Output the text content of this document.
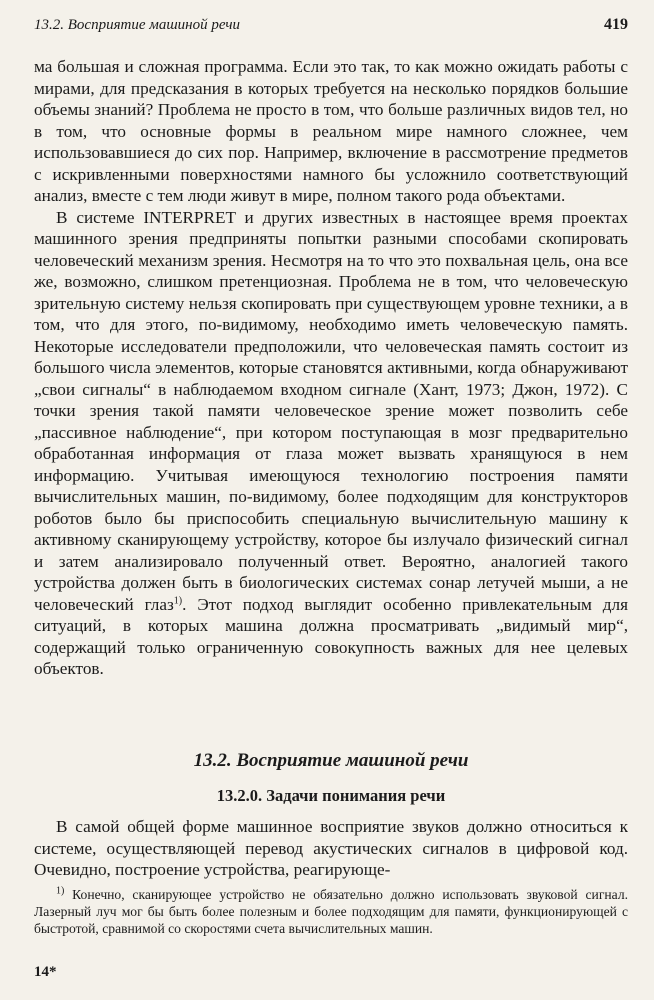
13.2. Восприятие машиной речи	419

ма большая и сложная программа. Если это так, то как можно ожидать работы с мирами, для предсказания в которых требуется на несколько порядков большие объемы знаний? Проблема не просто в том, что больше различных видов тел, но в том, что основные формы в реальном мире намного сложнее, чем использовавшиеся до сих пор. Например, включение в рассмотрение предметов с искривленными поверхностями намного бы усложнило соответствующий анализ, вместе с тем люди живут в мире, полном такого рода объектами.

В системе INTERPRET и других известных в настоящее время проектах машинного зрения предприняты попытки разными способами скопировать человеческий механизм зрения. Несмотря на то что это похвальная цель, она все же, возможно, слишком претенциозная. Проблема не в том, что человеческую зрительную систему нельзя скопировать при существующем уровне техники, а в том, что для этого, по-видимому, необходимо иметь человеческую память. Некоторые исследователи предположили, что человеческая память состоит из большого числа элементов, которые становятся активными, когда обнаруживают „свои сигналы“ в наблюдаемом входном сигнале (Хант, 1973; Джон, 1972). С точки зрения такой памяти человеческое зрение может позволить себе „пассивное наблюдение“, при котором поступающая в мозг предварительно обработанная информация от глаза может вызвать хранящуюся в нем информацию. Учитывая имеющуюся технологию построения памяти вычислительных машин, по-видимому, более подходящим для конструкторов роботов было бы приспособить специальную вычислительную машину к активному сканирующему устройству, которое бы излучало физический сигнал и затем анализировало полученный ответ. Вероятно, аналогией такого устройства должен быть в биологических системах сонар летучей мыши, а не человеческий глаз$^{1)}$. Этот подход выглядит особенно привлекательным для ситуаций, в которых машина должна просматривать „видимый мир“, содержащий только ограниченную совокупность важных для нее целевых объектов.

13.2. Восприятие машиной речи
13.2.0. Задачи понимания речи

В самой общей форме машинное восприятие звуков должно относиться к системе, осуществляющей перевод акустических сигналов в цифровой код. Очевидно, построение устройства, реагирующе-

$^{1)}$ Конечно, сканирующее устройство не обязательно должно использовать звуковой сигнал. Лазерный луч мог бы быть более полезным и более подходящим для памяти, функционирующей с быстротой, сравнимой со скоростями счета вычислительных машин.

14*
